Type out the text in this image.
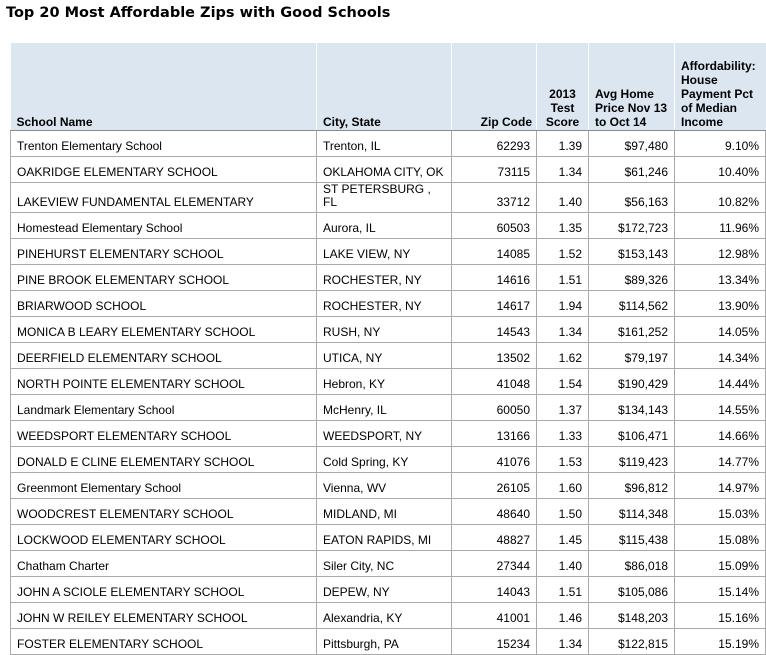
Top 20 Most Affordable Zips with Good Schools
School Name	City, State	Zip Code	2013 Test Score	Avg Home Price Nov 13 to Oct 14	Affordability: House Payment Pct of Median Income
Trenton Elementary School	Trenton, IL	62293	1.39	$97,480	9.10%
OAKRIDGE ELEMENTARY SCHOOL	OKLAHOMA CITY, OK	73115	1.34	$61,246	10.40%
LAKEVIEW FUNDAMENTAL ELEMENTARY	ST PETERSBURG , FL	33712	1.40	$56,163	10.82%
Homestead Elementary School	Aurora, IL	60503	1.35	$172,723	11.96%
PINEHURST ELEMENTARY SCHOOL	LAKE VIEW, NY	14085	1.52	$153,143	12.98%
PINE BROOK ELEMENTARY SCHOOL	ROCHESTER, NY	14616	1.51	$89,326	13.34%
BRIARWOOD SCHOOL	ROCHESTER, NY	14617	1.94	$114,562	13.90%
MONICA B LEARY ELEMENTARY SCHOOL	RUSH, NY	14543	1.34	$161,252	14.05%
DEERFIELD ELEMENTARY SCHOOL	UTICA, NY	13502	1.62	$79,197	14.34%
NORTH POINTE ELEMENTARY SCHOOL	Hebron, KY	41048	1.54	$190,429	14.44%
Landmark Elementary School	McHenry, IL	60050	1.37	$134,143	14.55%
WEEDSPORT ELEMENTARY SCHOOL	WEEDSPORT, NY	13166	1.33	$106,471	14.66%
DONALD E CLINE ELEMENTARY SCHOOL	Cold Spring, KY	41076	1.53	$119,423	14.77%
Greenmont Elementary School	Vienna, WV	26105	1.60	$96,812	14.97%
WOODCREST ELEMENTARY SCHOOL	MIDLAND, MI	48640	1.50	$114,348	15.03%
LOCKWOOD ELEMENTARY SCHOOL	EATON RAPIDS, MI	48827	1.45	$115,438	15.08%
Chatham Charter	Siler City, NC	27344	1.40	$86,018	15.09%
JOHN A SCIOLE ELEMENTARY SCHOOL	DEPEW, NY	14043	1.51	$105,086	15.14%
JOHN W REILEY ELEMENTARY SCHOOL	Alexandria, KY	41001	1.46	$148,203	15.16%
FOSTER ELEMENTARY SCHOOL	Pittsburgh, PA	15234	1.34	$122,815	15.19%
